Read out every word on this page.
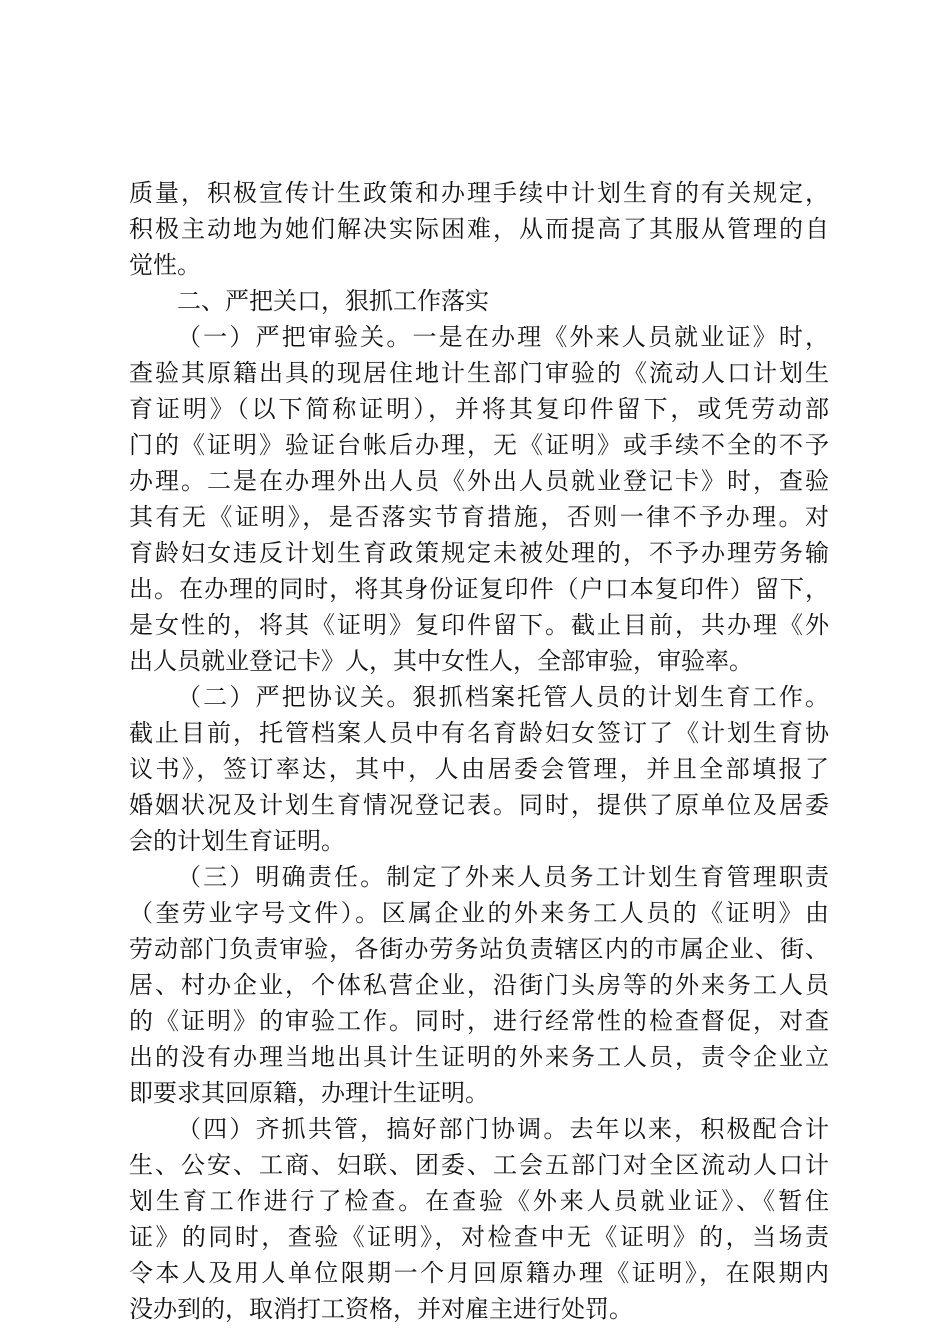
质量，积极宣传计生政策和办理手续中计划生育的有关规定，
积极主动地为她们解决实际困难，从而提高了其服从管理的自
觉性。
二、严把关口，狠抓工作落实
（一）严把审验关。一是在办理《外来人员就业证》时，
查验其原籍出具的现居住地计生部门审验的《流动人口计划生
育证明》（以下简称证明），并将其复印件留下，或凭劳动部
门的《证明》验证台帐后办理，无《证明》或手续不全的不予
办理。二是在办理外出人员《外出人员就业登记卡》时，查验
其有无《证明》，是否落实节育措施，否则一律不予办理。对
育龄妇女违反计划生育政策规定未被处理的，不予办理劳务输
出。在办理的同时，将其身份证复印件（户口本复印件）留下，
是女性的，将其《证明》复印件留下。截止目前，共办理《外
出人员就业登记卡》人，其中女性人，全部审验，审验率。
（二）严把协议关。狠抓档案托管人员的计划生育工作。
截止目前，托管档案人员中有名育龄妇女签订了《计划生育协
议书》，签订率达，其中，人由居委会管理，并且全部填报了
婚姻状况及计划生育情况登记表。同时，提供了原单位及居委
会的计划生育证明。
（三）明确责任。制定了外来人员务工计划生育管理职责
（奎劳业字号文件）。区属企业的外来务工人员的《证明》由
劳动部门负责审验，各街办劳务站负责辖区内的市属企业、街、
居、村办企业，个体私营企业，沿街门头房等的外来务工人员
的《证明》的审验工作。同时，进行经常性的检查督促，对查
出的没有办理当地出具计生证明的外来务工人员，责令企业立
即要求其回原籍，办理计生证明。
（四）齐抓共管，搞好部门协调。去年以来，积极配合计
生、公安、工商、妇联、团委、工会五部门对全区流动人口计
划生育工作进行了检查。在查验《外来人员就业证》、《暂住
证》的同时，查验《证明》，对检查中无《证明》的，当场责
令本人及用人单位限期一个月回原籍办理《证明》，在限期内
没办到的，取消打工资格，并对雇主进行处罚。
